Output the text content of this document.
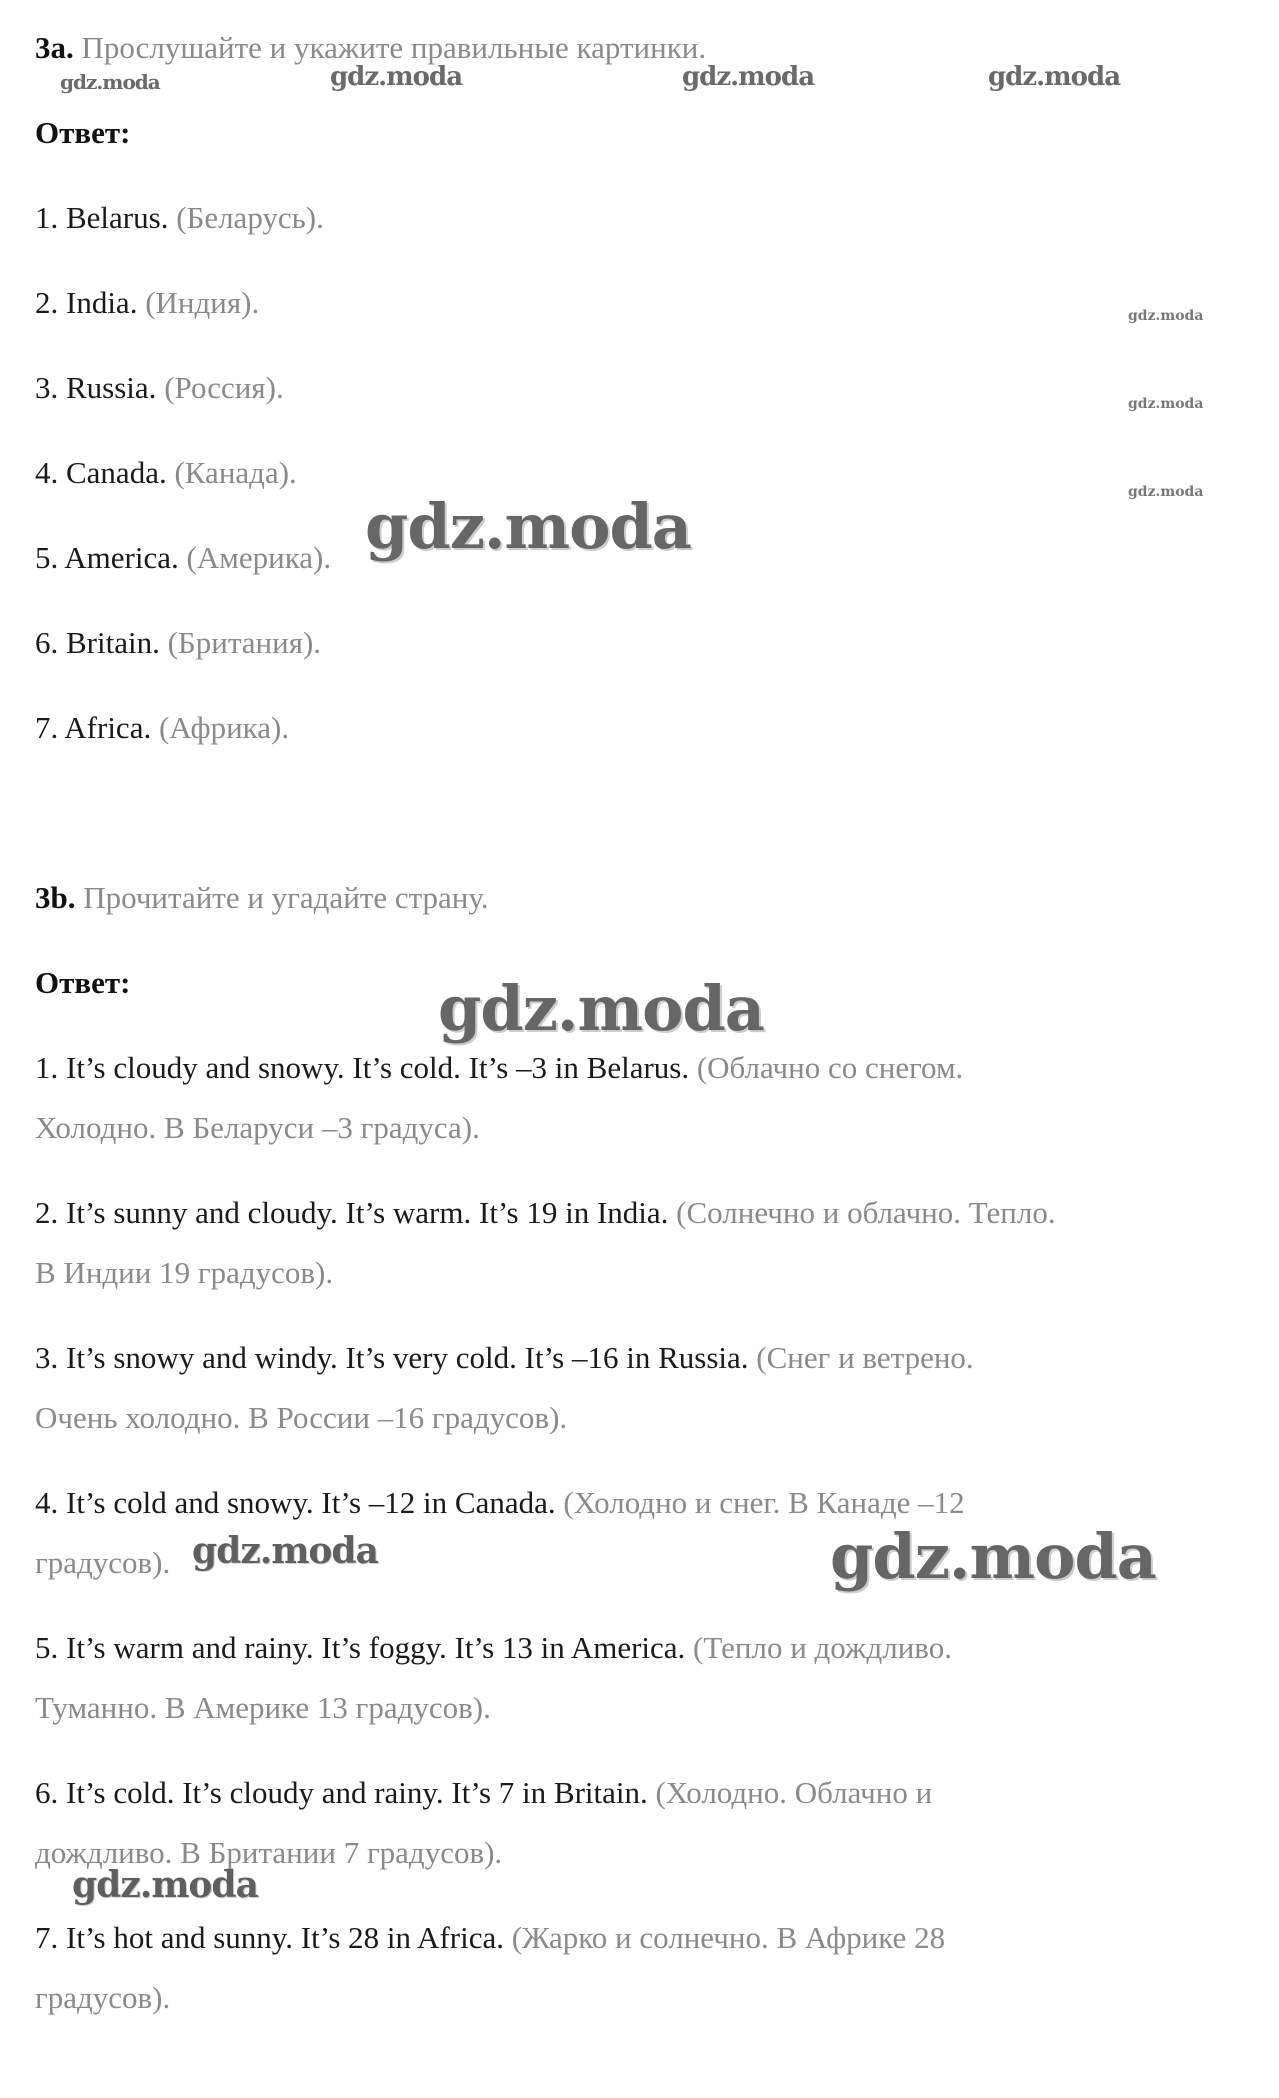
3a. Прослушайте и укажите правильные картинки.
Ответ:
1. Belarus. (Беларусь).
2. India. (Индия).
3. Russia. (Россия).
4. Canada. (Канада).
5. America. (Америка).
6. Britain. (Британия).
7. Africa. (Африка).
3b. Прочитайте и угадайте страну.
Ответ:
1. It’s cloudy and snowy. It’s cold. It’s –3 in Belarus. (Облачно со снегом.
Холодно. В Беларуси –3 градуса).
2. It’s sunny and cloudy. It’s warm. It’s 19 in India. (Солнечно и облачно. Тепло.
В Индии 19 градусов).
3. It’s snowy and windy. It’s very cold. It’s –16 in Russia. (Снег и ветрено.
Очень холодно. В России –16 градусов).
4. It’s cold and snowy. It’s –12 in Canada. (Холодно и снег. В Канаде –12
градусов).
5. It’s warm and rainy. It’s foggy. It’s 13 in America. (Тепло и дождливо.
Туманно. В Америке 13 градусов).
6. It’s cold. It’s cloudy and rainy. It’s 7 in Britain. (Холодно. Облачно и
дождливо. В Британии 7 градусов).
7. It’s hot and sunny. It’s 28 in Africa. (Жарко и солнечно. В Африке 28
градусов).
gdz.moda	gdz.moda	gdz.moda	gdz.moda
gdz.moda
gdz.moda
gdz.moda
gdz.moda
gdz.moda
gdz.moda	gdz.moda
gdz.moda
